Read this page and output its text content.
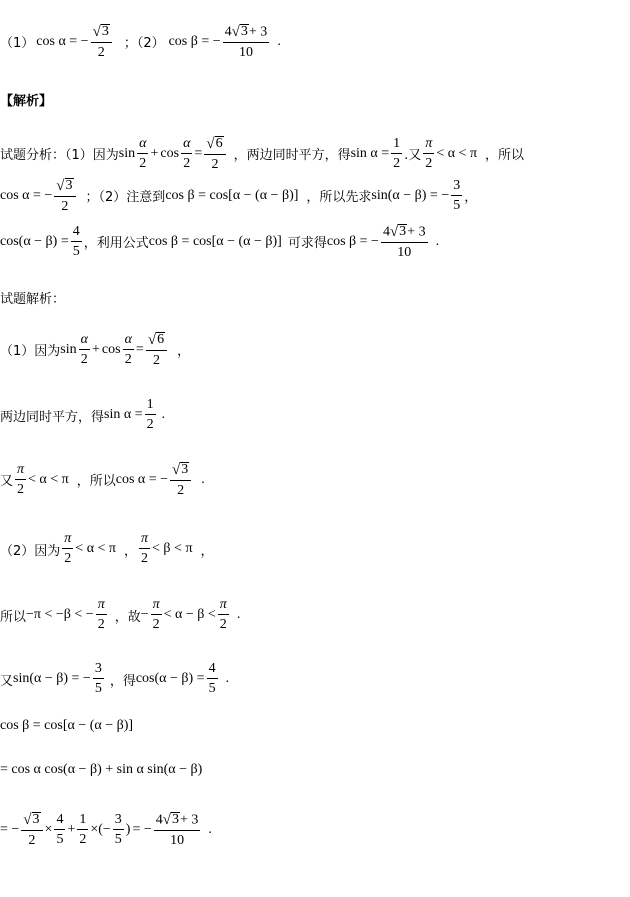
（1） cos α = − $\frac{√ 3}{2}$ ；（2） cos β = − $\frac{4 √ 3 + 3}{10}$ .
【解析】
试题分析：（1）因为 $\sin \frac{\alpha}{2} + \cos \frac{\alpha}{2} = \frac{√ 6}{2}$ ，两边同时平方，得 $\sin \alpha = \frac{1}{2}$ .又 $\frac{\pi}{2} < \alpha < \pi$ ，所以
cos α = − $\frac{√ 3}{2}$ ；（2）注意到 cos β = cos[α − (α − β)] ，所以先求 sin(α − β) = − $\frac{3}{5}$ ，
$\cos(\alpha - \beta) = \frac{4}{5}$ ，利用公式 cos β = cos[α − (α − β)] 可求得 cos β = − $\frac{4 √ 3 + 3}{10}$ .
试题解析：
（1）因为 $\sin \frac{\alpha}{2} + \cos \frac{\alpha}{2} = \frac{√ 6}{2}$ ，
两边同时平方，得 $\sin \alpha = \frac{1}{2}$ .
又 $\frac{\pi}{2} < \alpha < \pi$ ，所以 cos α = − $\frac{√ 3}{2}$ .
（2）因为 $\frac{\pi}{2} < \alpha < \pi$ ， $\frac{\pi}{2} < \beta < \pi$ ，
所以 −π < −β < − $\frac{\pi}{2}$ ，故 − $\frac{\pi}{2} < \alpha - \beta < \frac{\pi}{2}$ .
又 sin(α − β) = − $\frac{3}{5}$ ，得 $\cos(\alpha - \beta) = \frac{4}{5}$ .
cos β = cos[α − (α − β)]
= cos α cos(α − β) + sin α sin(α − β)
= − $\frac{√ 3}{2} \times \frac{4}{5} + \frac{1}{2}$ ×(− $\frac{3}{5}$ ) = − $\frac{4 √ 3 + 3}{10}$ .
